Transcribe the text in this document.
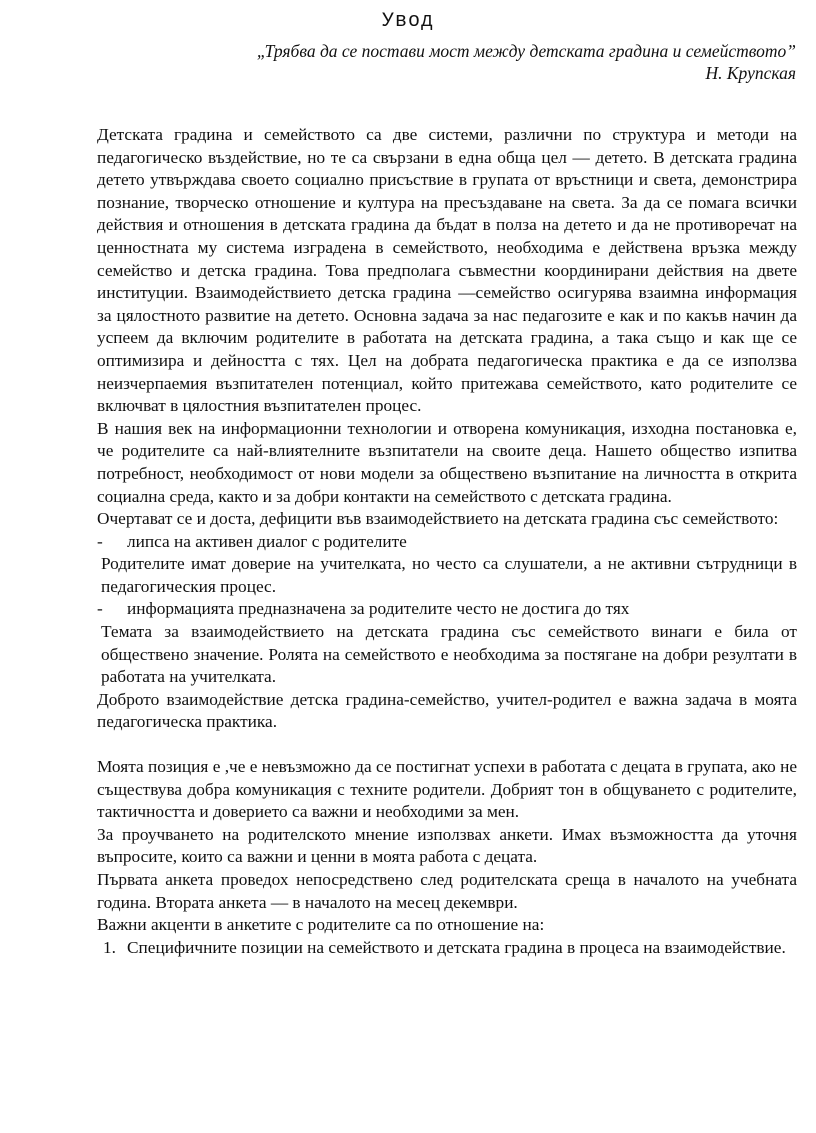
Увод
„Трябва да се постави мост между детската градина и семейството”
Н. Крупская

Детската градина и семейството са две системи, различни по структура и методи на педагогическо въздействие, но те са свързани в една обща цел — детето. В детската градина детето утвърждава своето социално присъствие в групата от връстници и света, демонстрира познание, творческо отношение и култура на пресъздаване на света. За да се помага всички действия и отношения в детската градина да бъдат в полза на детето и да не противоречат на ценностната му система изградена в семейството, необходима е действена връзка между семейство и детска градина. Това предполага съвместни координирани действия на двете институции. Взаимодействието детска градина —семейство осигурява взаимна информация за цялостното развитие на детето. Основна задача за нас педагозите е как и по какъв начин да успеем да включим родителите в работата на детската градина, а така също и как ще се оптимизира и дейността с тях. Цел на добрата педагогическа практика е да се използва неизчерпаемия възпитателен потенциал, който притежава семейството, като родителите се включват в цялостния възпитателен процес.

В нашия век на информационни технологии и отворена комуникация, изходна постановка е, че родителите са най-влиятелните възпитатели на своите деца. Нашето общество изпитва потребност, необходимост от нови модели за обществено възпитание на личността в открита социална среда, както и за добри контакти на семейството с детската градина.

Очертават се и доста, дефицити във взаимодействието на детската градина със семейството:

-	липса на активен диалог с родителите

Родителите имат доверие на учителката, но често са слушатели, а не активни сътрудници в педагогическия процес.

-	информацията предназначена за родителите често не достига до тях

Темата за взаимодействието на детската градина със семейството винаги е била от обществено значение. Ролята на семейството е необходима за постягане на добри резултати в работата на учителката.

Доброто взаимодействие детска градина-семейство, учител-родител е важна задача в моята педагогическа практика.

Моята позиция е ,че е невъзможно да се постигнат успехи в работата с децата в групата, ако не съществува добра комуникация с техните родители. Добрият тон в общуването с родителите, тактичността и доверието са важни и необходими за мен.

За проучването на родителското мнение използвах анкети. Имах възможността да уточня въпросите, които са важни и ценни в моята работа с децата.

Първата анкета проведох непосредствено след родителската среща в началото на учебната година. Втората анкета — в началото на месец декември.

Важни акценти в анкетите с родителите са по отношение на:

1. Специфичните позиции на семейството и детската градина в процеса на взаимодействие.
